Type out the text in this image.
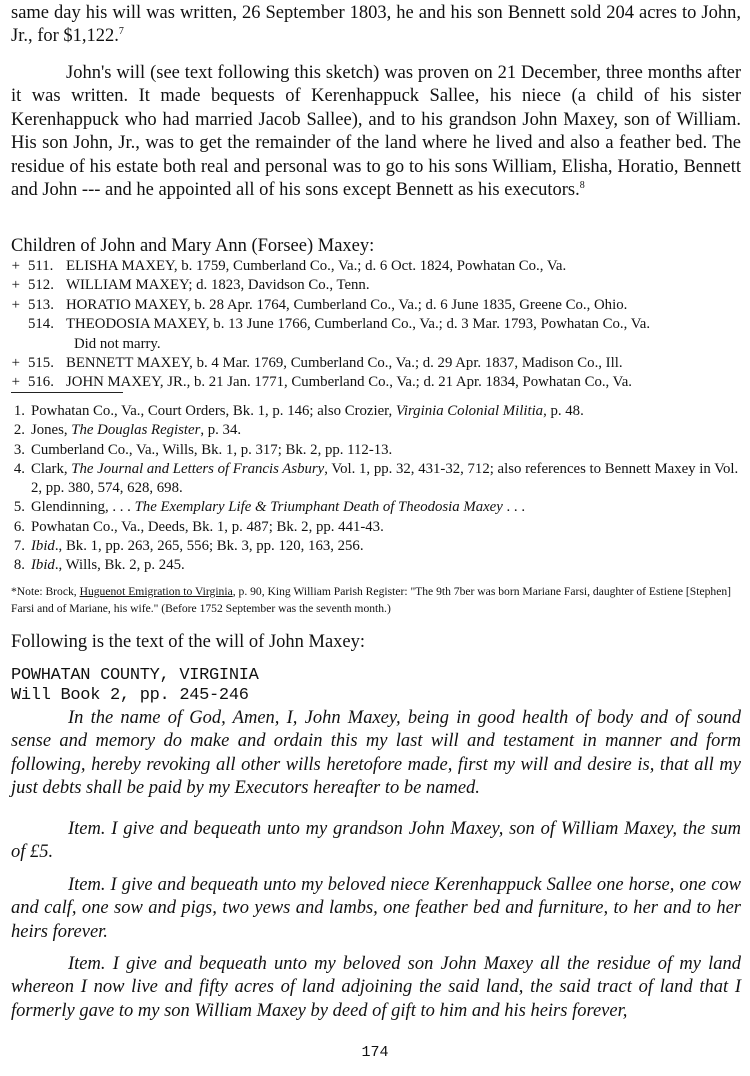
same day his will was written, 26 September 1803, he and his son Bennett sold 204 acres to John, Jr., for $1,122.$^7$
John's will (see text following this sketch) was proven on 21 December, three months after it was written. It made bequests of Kerenhappuck Sallee, his niece (a child of his sister Kerenhappuck who had married Jacob Sallee), and to his grandson John Maxey, son of William. His son John, Jr., was to get the remainder of the land where he lived and also a feather bed. The residue of his estate both real and personal was to go to his sons William, Elisha, Horatio, Bennett and John --- and he appointed all of his sons except Bennett as his executors.$^8$
Children of John and Mary Ann (Forsee) Maxey:
+ 511. ELISHA MAXEY, b. 1759, Cumberland Co., Va.; d. 6 Oct. 1824, Powhatan Co., Va.
+ 512. WILLIAM MAXEY; d. 1823, Davidson Co., Tenn.
+ 513. HORATIO MAXEY, b. 28 Apr. 1764, Cumberland Co., Va.; d. 6 June 1835, Greene Co., Ohio.
514. THEODOSIA MAXEY, b. 13 June 1766, Cumberland Co., Va.; d. 3 Mar. 1793, Powhatan Co., Va.
Did not marry.
+ 515. BENNETT MAXEY, b. 4 Mar. 1769, Cumberland Co., Va.; d. 29 Apr. 1837, Madison Co., Ill.
+ 516. JOHN MAXEY, JR., b. 21 Jan. 1771, Cumberland Co., Va.; d. 21 Apr. 1834, Powhatan Co., Va.
1. Powhatan Co., Va., Court Orders, Bk. 1, p. 146; also Crozier, Virginia Colonial Militia, p. 48.
2. Jones, The Douglas Register, p. 34.
3. Cumberland Co., Va., Wills, Bk. 1, p. 317; Bk. 2, pp. 112-13.
4. Clark, The Journal and Letters of Francis Asbury, Vol. 1, pp. 32, 431-32, 712; also references to Bennett Maxey in Vol. 2, pp. 380, 574, 628, 698.
5. Glendinning, . . . The Exemplary Life & Triumphant Death of Theodosia Maxey . . .
6. Powhatan Co., Va., Deeds, Bk. 1, p. 487; Bk. 2, pp. 441-43.
7. Ibid., Bk. 1, pp. 263, 265, 556; Bk. 3, pp. 120, 163, 256.
8. Ibid., Wills, Bk. 2, p. 245.
*Note: Brock, Huguenot Emigration to Virginia, p. 90, King William Parish Register: "The 9th 7ber was born Mariane Farsi, daughter of Estiene [Stephen] Farsi and of Mariane, his wife." (Before 1752 September was the seventh month.)
Following is the text of the will of John Maxey:
POWHATAN COUNTY, VIRGINIA
Will Book 2, pp. 245-246
In the name of God, Amen, I, John Maxey, being in good health of body and of sound sense and memory do make and ordain this my last will and testament in manner and form following, hereby revoking all other wills heretofore made, first my will and desire is, that all my just debts shall be paid by my Executors hereafter to be named.
Item. I give and bequeath unto my grandson John Maxey, son of William Maxey, the sum of £5.
Item. I give and bequeath unto my beloved niece Kerenhappuck Sallee one horse, one cow and calf, one sow and pigs, two yews and lambs, one feather bed and furniture, to her and to her heirs forever.
Item. I give and bequeath unto my beloved son John Maxey all the residue of my land whereon I now live and fifty acres of land adjoining the said land, the said tract of land that I formerly gave to my son William Maxey by deed of gift to him and his heirs forever,
174
